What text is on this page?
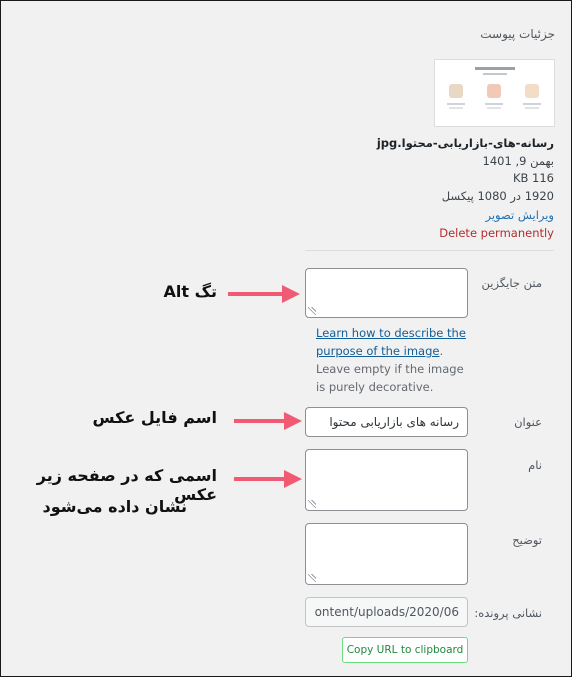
جزئیات پیوست
رسانه-های-بازاریابی-محتوا.jpg
بهمن 9, 1401
KB 116
1920 در 1080 پیکسل
ویرایش تصویر
Delete permanently
متن جایگزین
Learn how to describe the purpose of the image. Leave empty if the image is purely decorative.
عنوان
رسانه های بازاریابی محتوا
نام
توضیح
نشانی پرونده:
ontent/uploads/2020/06
Copy URL to clipboard
تگ Alt
اسم فایل عکس
اسمی که در صفحه زیر عکس
نشان داده می‌شود
